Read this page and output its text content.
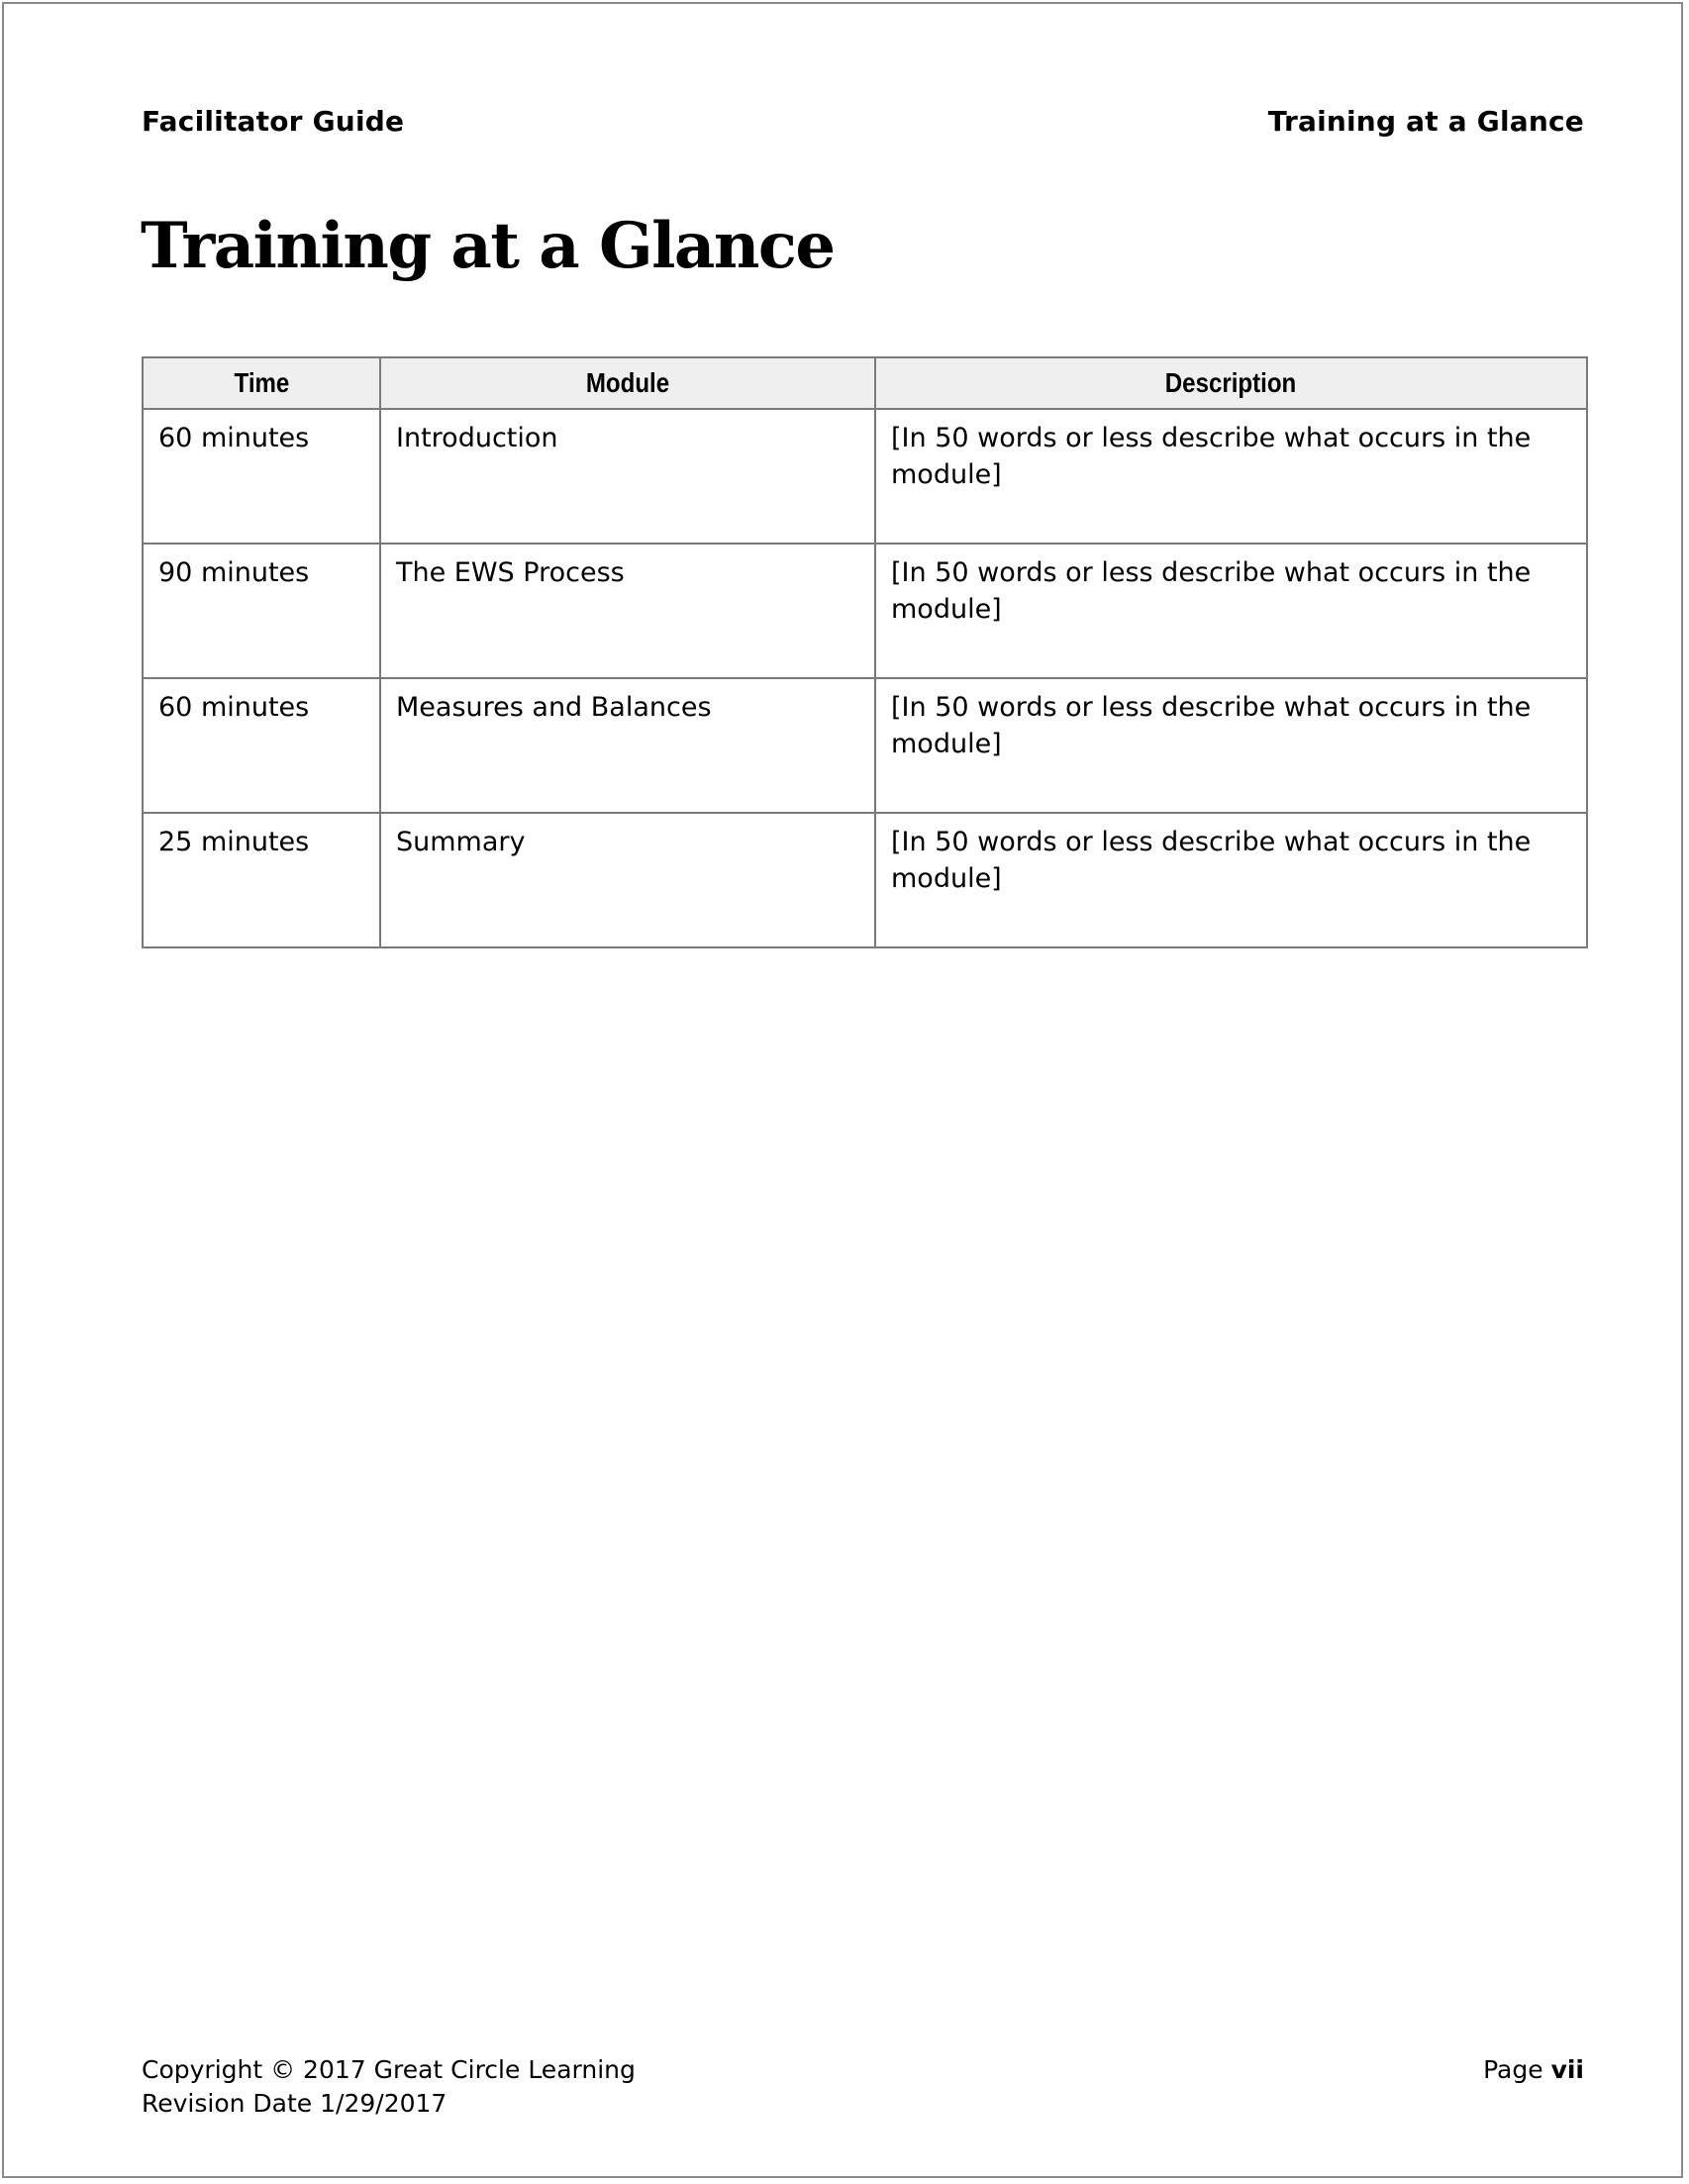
Facilitator Guide	Training at a Glance
Training at a Glance
Time	Module	Description
60 minutes	Introduction	[In 50 words or less describe what occurs in the module]
90 minutes	The EWS Process	[In 50 words or less describe what occurs in the module]
60 minutes	Measures and Balances	[In 50 words or less describe what occurs in the module]
25 minutes	Summary	[In 50 words or less describe what occurs in the module]
Copyright © 2017 Great Circle Learning
Revision Date 1/29/2017
Page vii
